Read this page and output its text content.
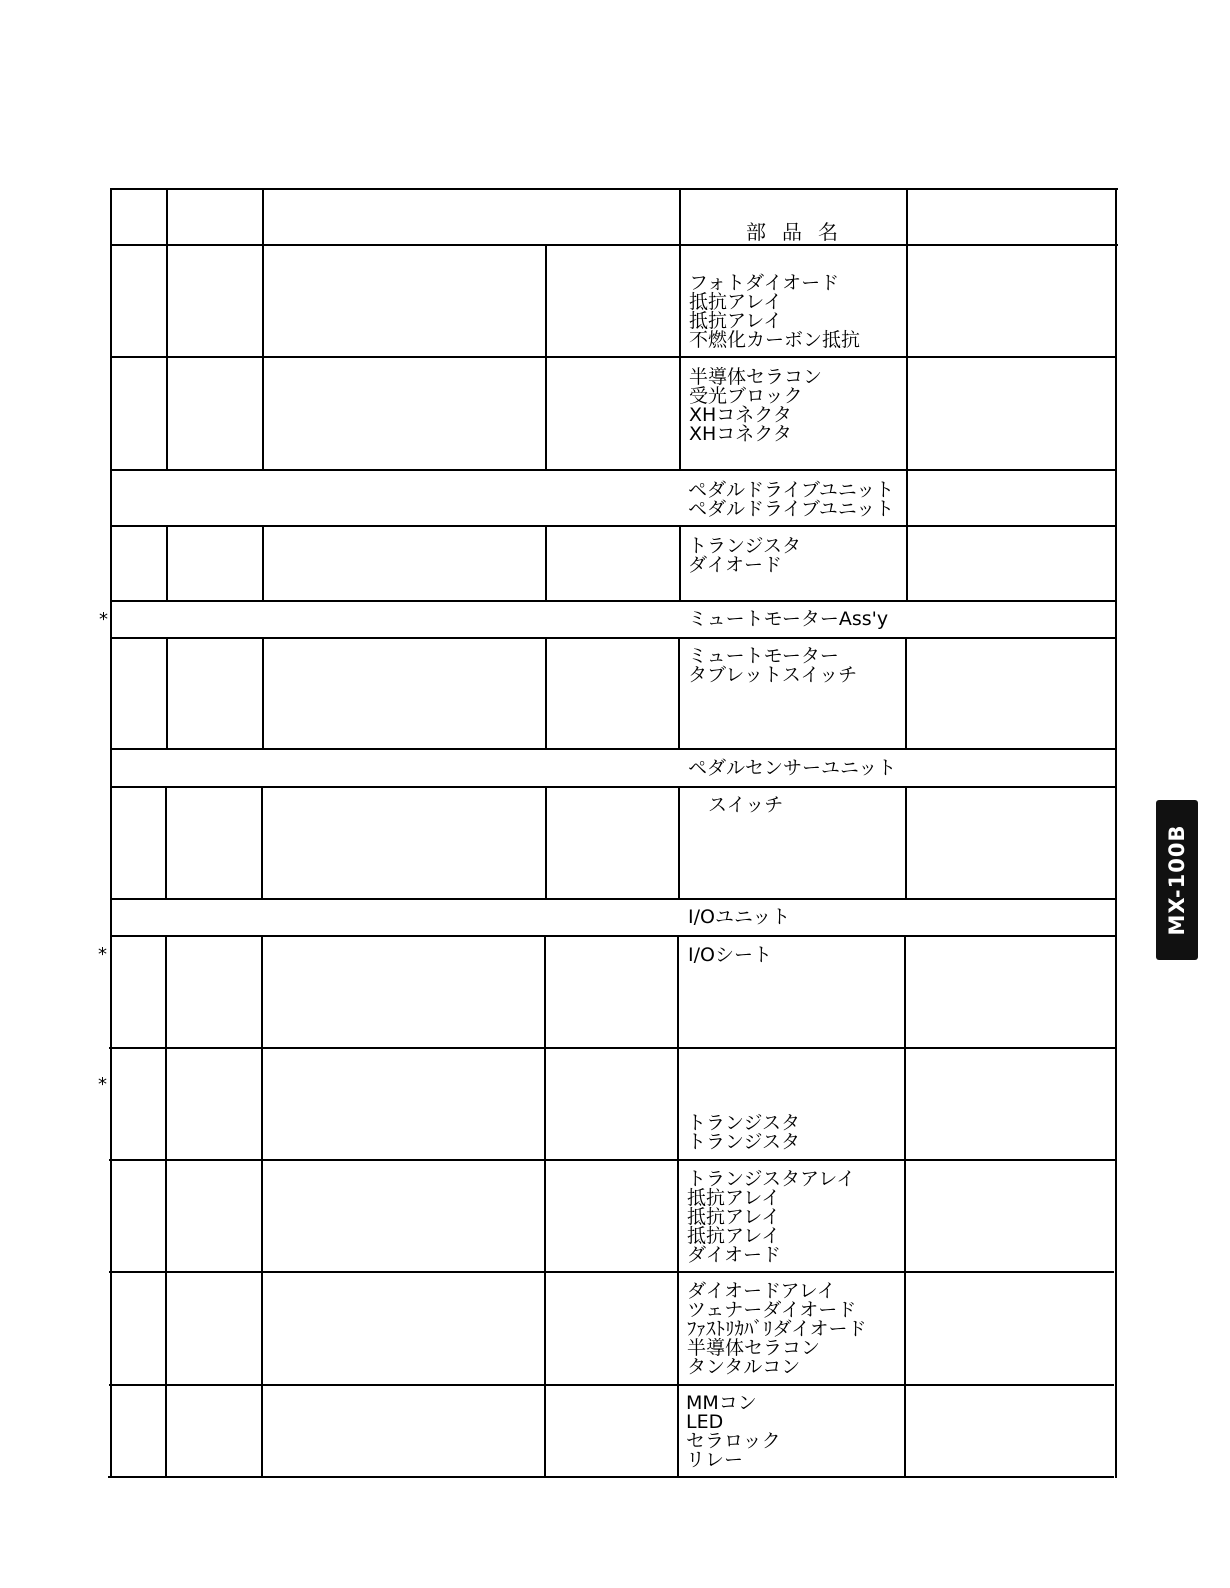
部品名
フォトダイオード
抵抗アレイ
抵抗アレイ
不燃化カーボン抵抗
半導体セラコン
受光ブロック
XHコネクタ
XHコネクタ
ペダルドライブユニット
ペダルドライブユニット
トランジスタ
ダイオード
ミュートモーターAss'y
ミュートモーター
タブレットスイッチ
ペダルセンサーユニット
スイッチ
I/Oユニット
I/Oシート
トランジスタ
トランジスタ
トランジスタアレイ
抵抗アレイ
抵抗アレイ
抵抗アレイ
ダイオード
ダイオードアレイ
ツェナーダイオード
ﾌｧｽﾄﾘｶﾊﾞﾘダイオード
半導体セラコン
タンタルコン
MMコン
LED
セラロック
リレー
*
*
*
MX-100B
